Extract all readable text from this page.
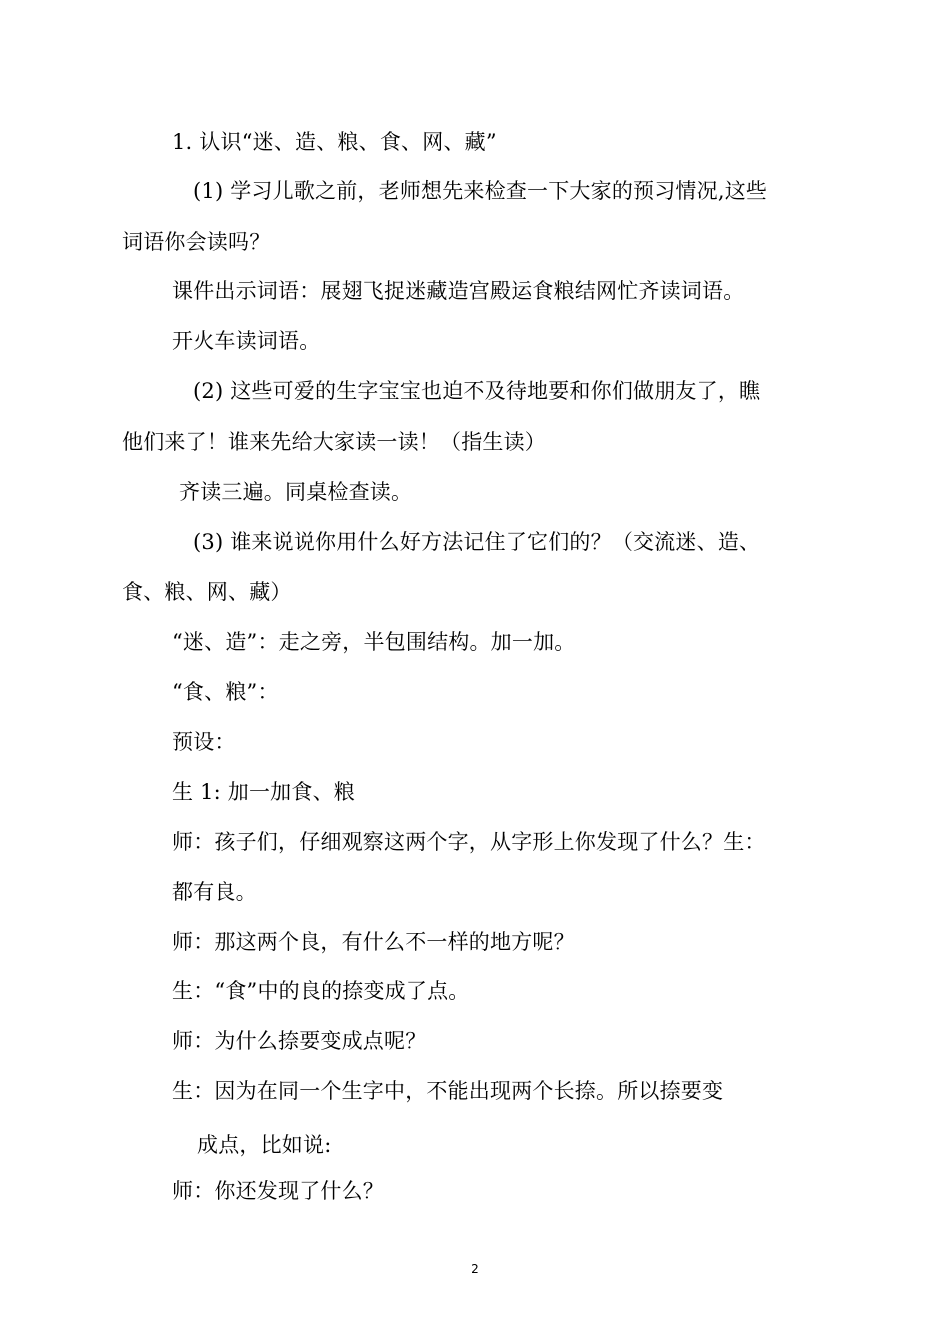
1. 认识“迷、造、粮、食、网、藏”
(1) 学习儿歌之前，老师想先来检查一下大家的预习情况,这些
词语你会读吗？
课件出示词语：展翅飞捉迷藏造宫殿运食粮结网忙齐读词语。
开火车读词语。
(2) 这些可爱的生字宝宝也迫不及待地要和你们做朋友了，瞧
他们来了！谁来先给大家读一读！（指生读）
齐读三遍。同桌检查读。
(3) 谁来说说你用什么好方法记住了它们的？（交流迷、造、
食、粮、网、藏）
“迷、造”：走之旁，半包围结构。加一加。
“食、粮”：
预设：
生 1: 加一加食、粮
师：孩子们，仔细观察这两个字，从字形上你发现了什么？生：
都有良。
师：那这两个良，有什么不一样的地方呢？
生：“食”中的良的捺变成了点。
师：为什么捺要变成点呢？
生：因为在同一个生字中，不能出现两个长捺。所以捺要变
成点，比如说:
师：你还发现了什么？
2
